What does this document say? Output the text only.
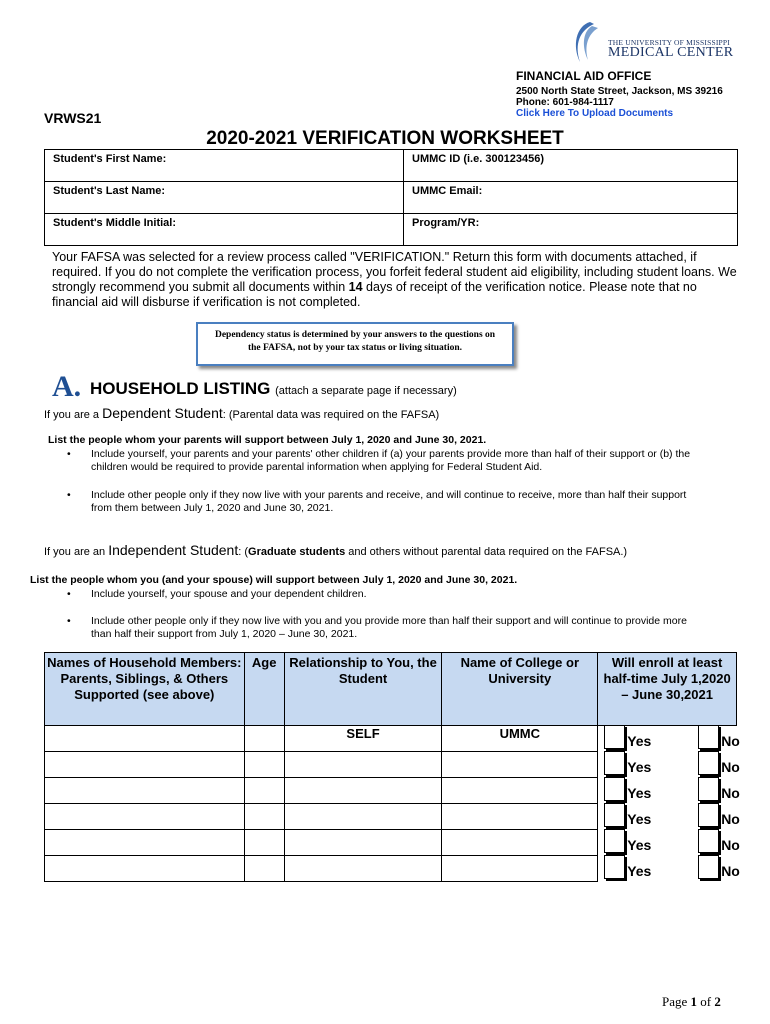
THE UNIVERSITY OF MISSISSIPPI
MEDICAL CENTER
FINANCIAL AID OFFICE
2500 North State Street, Jackson, MS 39216
Phone: 601-984-1117
Click Here To Upload Documents
VRWS21
2020-2021 VERIFICATION WORKSHEET
Student's First Name:	UMMC ID (i.e. 300123456)
Student's Last Name:	UMMC Email:
Student's Middle Initial:	Program/YR:
Your FAFSA was selected for a review process called "VERIFICATION." Return this form with documents attached, if required. If you do not complete the verification process, you forfeit federal student aid eligibility, including student loans. We strongly recommend you submit all documents within 14 days of receipt of the verification notice. Please note that no financial aid will disburse if verification is not completed.
Dependency status is determined by your answers to the questions on
the FAFSA, not by your tax status or living situation.
A. HOUSEHOLD LISTING (attach a separate page if necessary)
If you are a Dependent Student: (Parental data was required on the FAFSA)
List the people whom your parents will support between July 1, 2020 and June 30, 2021.
• Include yourself, your parents and your parents' other children if (a) your parents provide more than half of their support or (b) the children would be required to provide parental information when applying for Federal Student Aid.
• Include other people only if they now live with your parents and receive, and will continue to receive, more than half their support from them between July 1, 2020 and June 30, 2021.
If you are an Independent Student: (Graduate students and others without parental data required on the FAFSA.)
List the people whom you (and your spouse) will support between July 1, 2020 and June 30, 2021.
• Include yourself, your spouse and your dependent children.
• Include other people only if they now live with you and you provide more than half their support and will continue to provide more than half their support from July 1, 2020 – June 30, 2021.
Names of Household Members: Parents, Siblings, & Others Supported (see above)	Age	Relationship to You, the Student	Name of College or University	Will enroll at least half-time July 1,2020 – June 30,2021
		SELF	UMMC	Yes No

				Yes No

				Yes No

				Yes No

				Yes No

				Yes No
Page 1 of 2
